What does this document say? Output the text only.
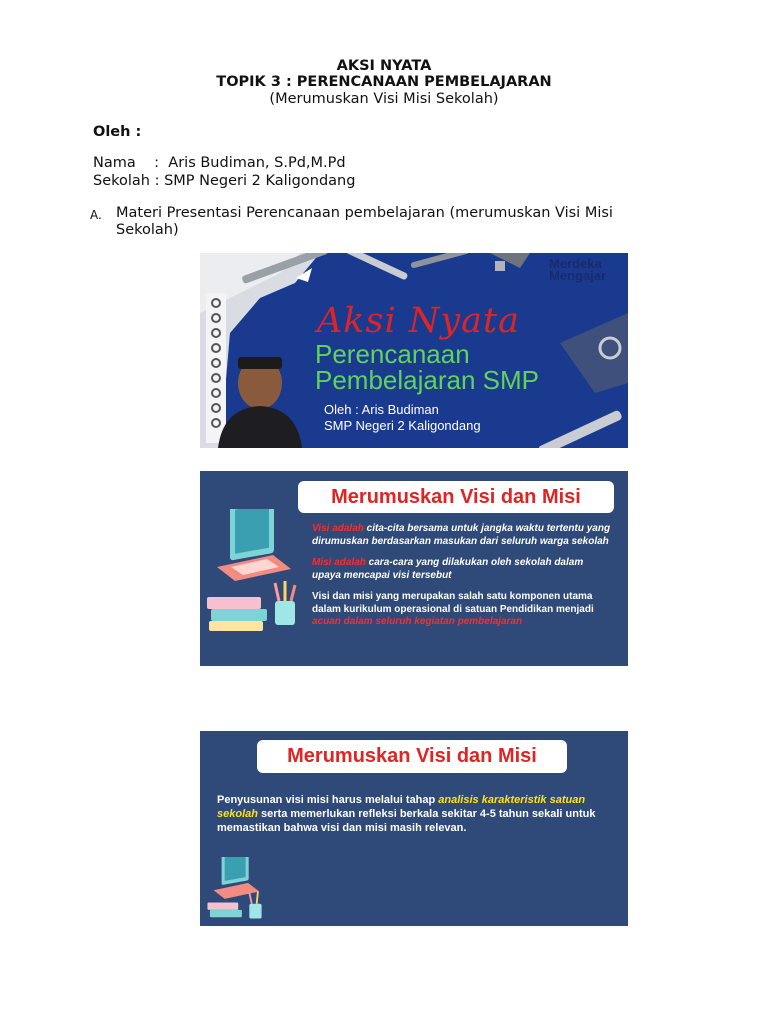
AKSI NYATA
TOPIK 3 : PERENCANAAN PEMBELAJARAN
(Merumuskan Visi Misi Sekolah)
Oleh :
Nama    :  Aris Budiman, S.Pd,M.Pd
Sekolah : SMP Negeri 2 Kaligondang
A. Materi Presentasi Perencanaan pembelajaran (merumuskan Visi Misi Sekolah)
Merdeka
Mengajar
Aksi Nyata
Perencanaan
Pembelajaran SMP
Oleh : Aris Budiman
SMP Negeri 2 Kaligondang
Merumuskan Visi dan Misi

Visi adalah cita-cita bersama untuk jangka waktu tertentu yang dirumuskan berdasarkan masukan dari seluruh warga sekolah

Misi adalah cara-cara yang dilakukan oleh sekolah dalam upaya mencapai visi tersebut

Visi dan misi yang merupakan salah satu komponen utama dalam kurikulum operasional di satuan Pendidikan menjadi acuan dalam seluruh kegiatan pembelajaran

Merumuskan Visi dan Misi
Penyusunan visi misi harus melalui tahap analisis karakteristik satuan sekolah serta memerlukan refleksi berkala sekitar 4-5 tahun sekali untuk memastikan bahwa visi dan misi masih relevan.
